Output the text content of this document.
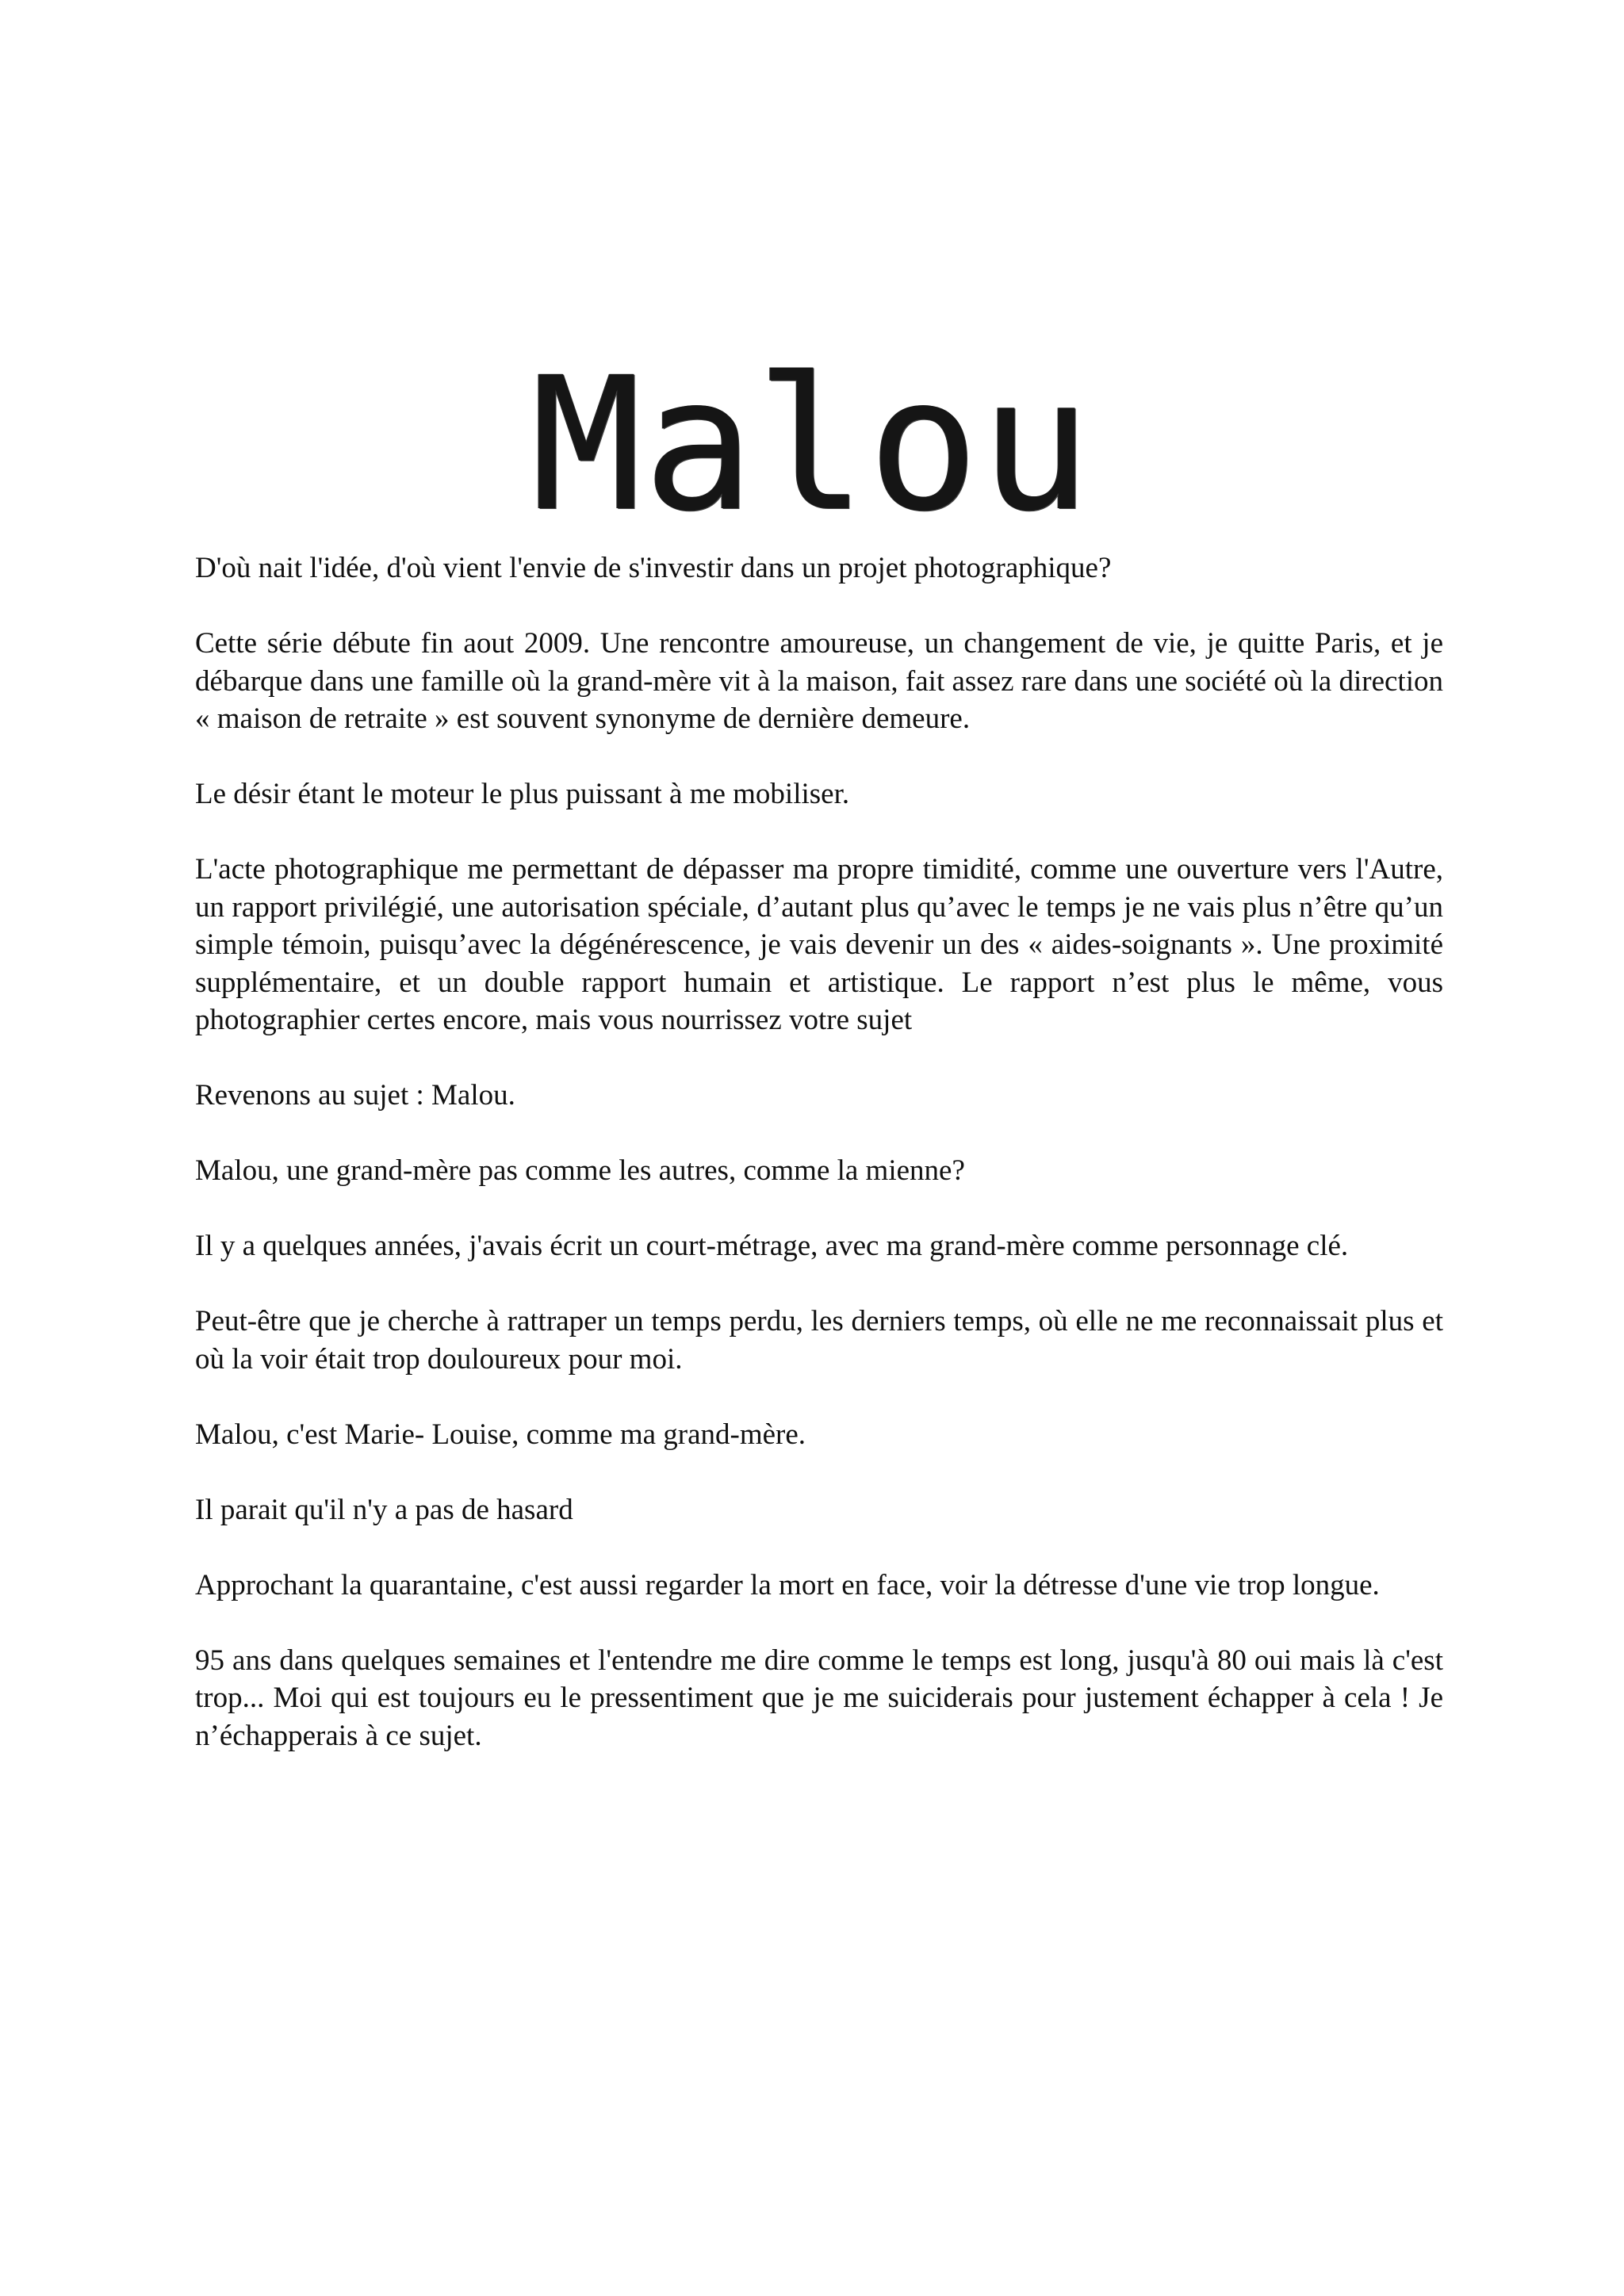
Malou

D'où nait l'idée, d'où vient l'envie de s'investir dans un projet photographique?

Cette série débute fin aout 2009. Une rencontre amoureuse, un changement de vie, je quitte Paris, et je débarque dans une famille où la grand-mère vit à la maison, fait assez rare dans une société où la direction « maison de retraite » est souvent synonyme de dernière demeure.

Le désir étant le moteur le plus puissant à me mobiliser.

L'acte photographique me permettant de dépasser ma propre timidité, comme une ouverture vers l'Autre, un rapport privilégié, une autorisation spéciale, d’autant plus qu’avec le temps je ne vais plus n’être qu’un simple témoin, puisqu’avec la dégénérescence, je vais devenir un des « aides-soignants ». Une proximité supplémentaire, et un double rapport humain et artistique. Le rapport n’est plus le même, vous photographier certes encore, mais vous nourrissez votre sujet

Revenons au sujet : Malou.

Malou, une grand-mère pas comme les autres, comme la mienne?

Il y a quelques années, j'avais écrit un court-métrage, avec ma grand-mère comme personnage clé.

Peut-être que je cherche à rattraper un temps perdu, les derniers temps, où elle ne me reconnaissait plus et où la voir était trop douloureux pour moi.

Malou, c'est Marie- Louise, comme ma grand-mère.

Il parait qu'il n'y a pas de hasard

Approchant la quarantaine, c'est aussi regarder la mort en face, voir la détresse d'une vie trop longue.

95 ans dans quelques semaines et l'entendre me dire comme le temps est long, jusqu'à 80 oui mais là c'est trop... Moi qui est toujours eu le pressentiment que je me suiciderais pour justement échapper à cela ! Je n’échapperais à ce sujet.
